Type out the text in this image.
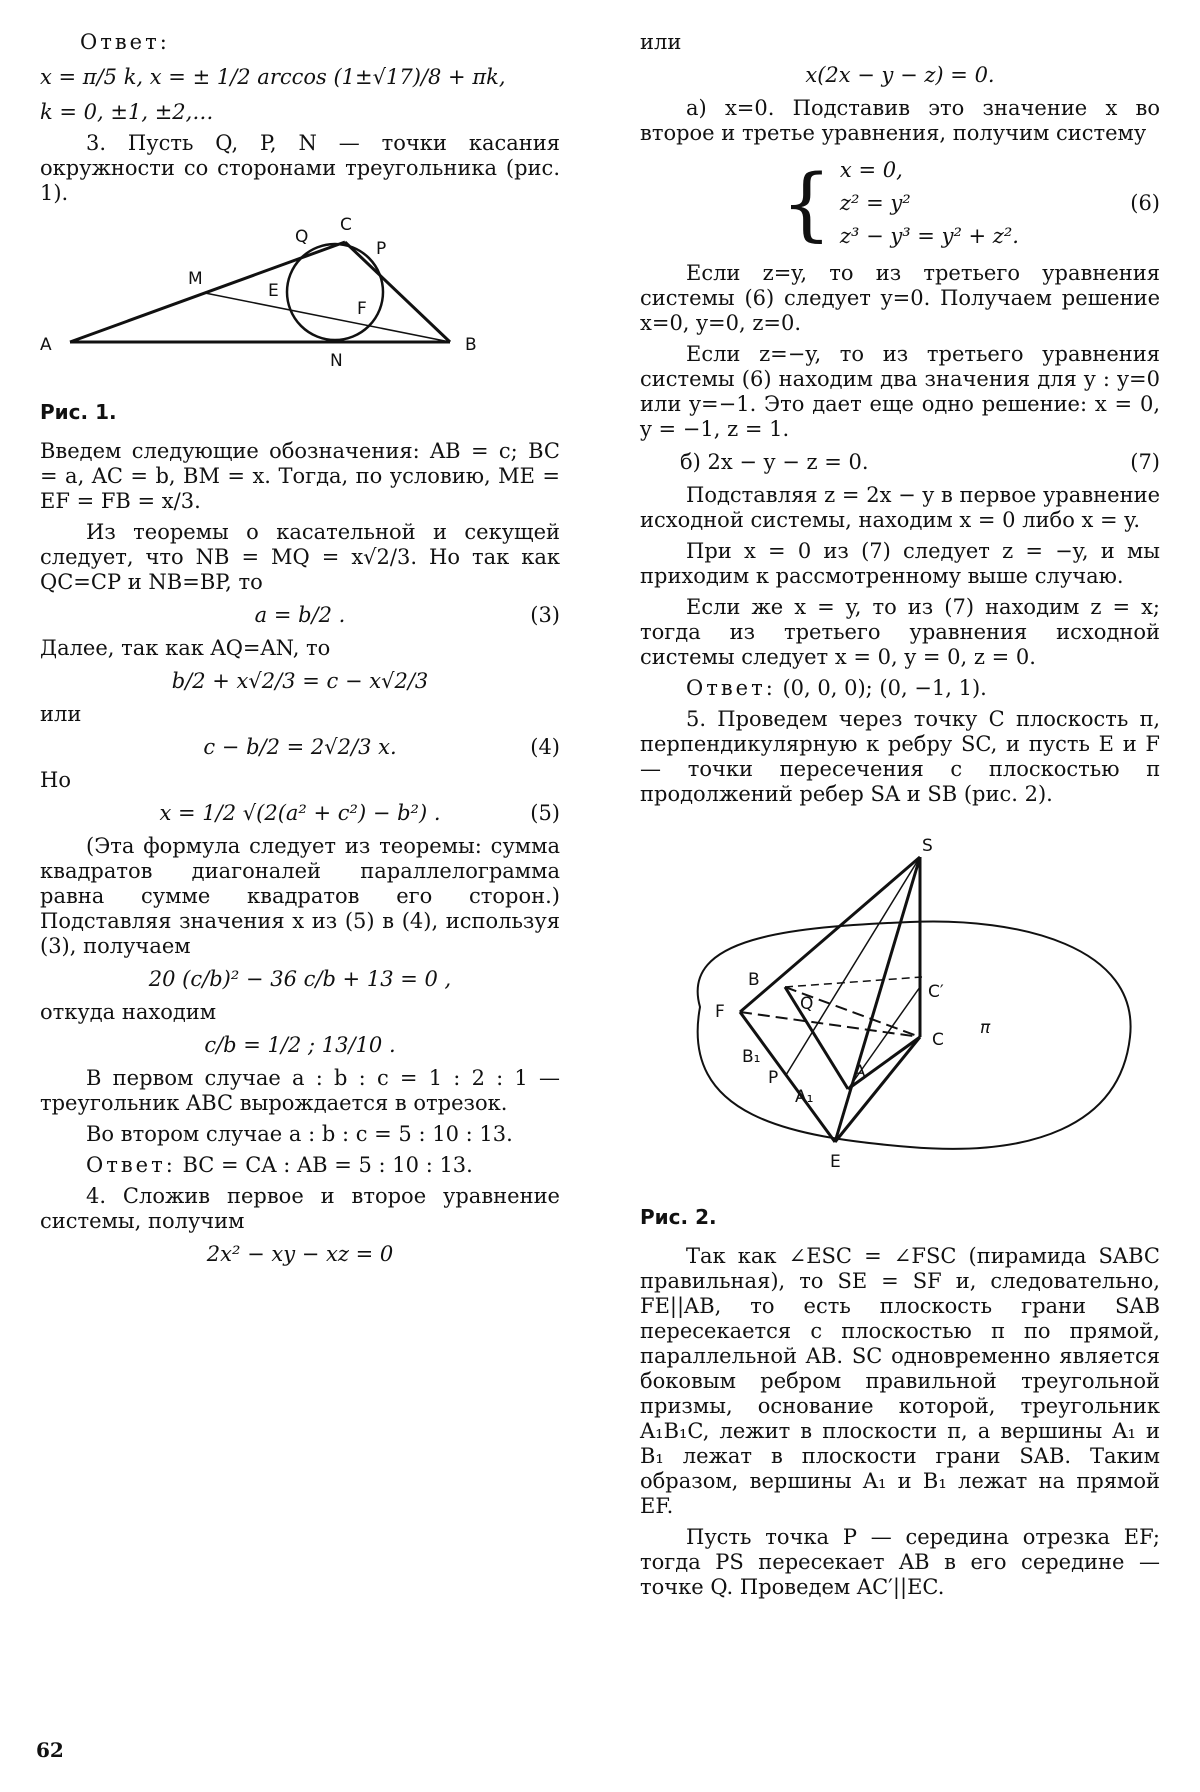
Ответ:

x = π/5 k, x = ± 1/2 arccos (1±√17)/8 + πk,
k = 0, ±1, ±2,…

3. Пусть Q, P, N — точки касания окружности со сторонами треугольника (рис. 1).

A	B
C
M
Q
P
E
F
N
Рис. 1.

Введем следующие обозначения: AB = c; BC = a, AC = b, BM = x. Тогда, по условию, ME = EF = FB = x/3.

Из теоремы о касательной и секущей следует, что NB = MQ = x√2/3. Но так как QC=CP и NB=BP, то

a = b/2 .	(3)

Далее, так как AQ=AN, то

b/2 + x√2/3 = c − x√2/3

или

c − b/2 = 2√2/3 x.	(4)

Но

x = 1/2 √(2(a² + c²) − b²) .	(5)

(Эта формула следует из теоремы: сумма квадратов диагоналей параллелограмма равна сумме квадратов его сторон.) Подставляя значения x из (5) в (4), используя (3), получаем

20 (c/b)² − 36 c/b + 13 = 0 ,

откуда находим

c/b = 1/2 ; 13/10 .

В первом случае a : b : c = 1 : 2 : 1 — треугольник ABC вырождается в отрезок.

Во втором случае a : b : c = 5 : 10 : 13.

Ответ: BC = CA : AB = 5 : 10 : 13.

4. Сложив первое и второе уравнение системы, получим

2x² − xy − xz = 0

или

x(2x − y − z) = 0.

а) x=0. Подставив это значение x во второе и третье уравнения, получим систему

{ x = 0,
z² = y²
z³ − y³ = y² + z².
(6)

Если z=y, то из третьего уравнения системы (6) следует y=0. Получаем решение x=0, y=0, z=0.

Если z=−y, то из третьего уравнения системы (6) находим два значения для y : y=0 или y=−1. Это дает еще одно решение: x = 0, y = −1, z = 1.

б) 2x − y − z = 0.	(7)

Подставляя z = 2x − y в первое уравнение исходной системы, находим x = 0 либо x = y.

При x = 0 из (7) следует z = −y, и мы приходим к рассмотренному выше случаю.

Если же x = y, то из (7) находим z = x; тогда из третьего уравнения исходной системы следует x = 0, y = 0, z = 0.

Ответ: (0, 0, 0); (0, −1, 1).

5. Проведем через точку C плоскость π, перпендикулярную к ребру SC, и пусть E и F — точки пересечения с плоскостью π продолжений ребер SA и SB (рис. 2).

S
B
Q
C′
F
C
π
B₁
P	A
A₁
E
Рис. 2.

Так как ∠ESC = ∠FSC (пирамида SABC правильная), то SE = SF и, следовательно, FE||AB, то есть плоскость грани SAB пересекается с плоскостью π по прямой, параллельной AB. SC одновременно является боковым ребром правильной треугольной призмы, основание которой, треугольник A₁B₁C, лежит в плоскости π, а вершины A₁ и B₁ лежат в плоскости грани SAB. Таким образом, вершины A₁ и B₁ лежат на прямой EF.

Пусть точка P — середина отрезка EF; тогда PS пересекает AB в его середине — точке Q. Проведем AC′||EC.

62
